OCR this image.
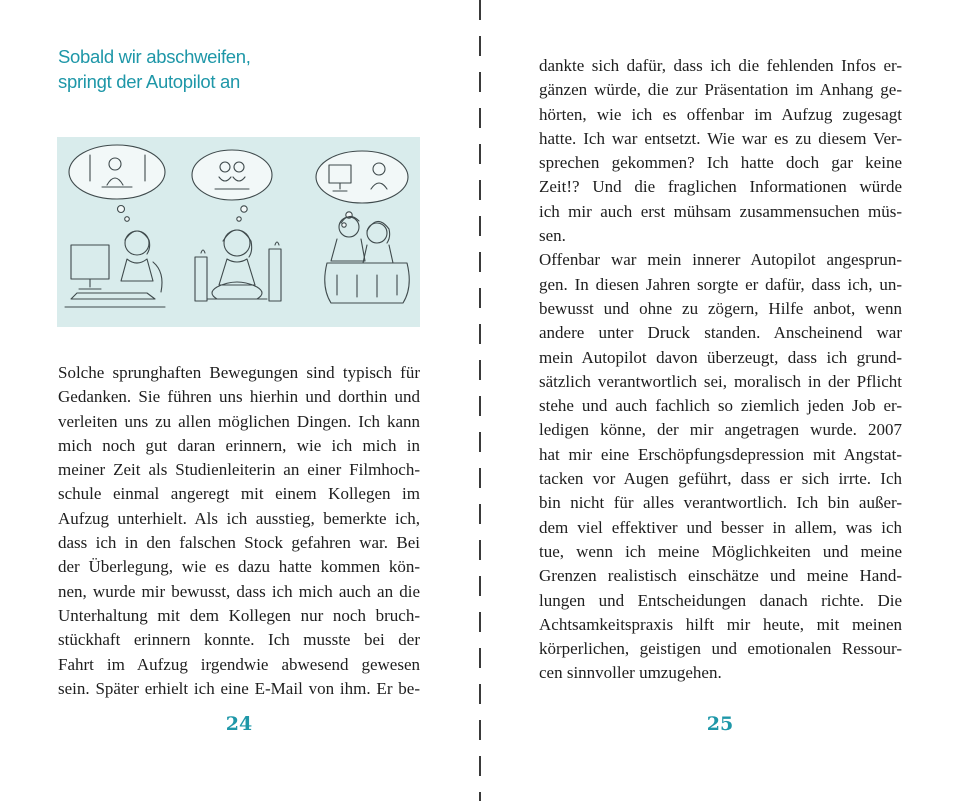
Sobald wir abschweifen,
springt der Autopilot an
Solche sprunghaften Bewegungen sind typisch für
Gedanken. Sie führen uns hierhin und dorthin und
verleiten uns zu allen möglichen Dingen. Ich kann
mich noch gut daran erinnern, wie ich mich in
meiner Zeit als Studienleiterin an einer Filmhoch-
schule einmal angeregt mit einem Kollegen im
Aufzug unterhielt. Als ich ausstieg, bemerkte ich,
dass ich in den falschen Stock gefahren war. Bei
der Überlegung, wie es dazu hatte kommen kön-
nen, wurde mir bewusst, dass ich mich auch an die
Unterhaltung mit dem Kollegen nur noch bruch-
stückhaft erinnern konnte. Ich musste bei der
Fahrt im Aufzug irgendwie abwesend gewesen
sein. Später erhielt ich eine E-Mail von ihm. Er be-
24
dankte sich dafür, dass ich die fehlenden Infos er-
gänzen würde, die zur Präsentation im Anhang ge-
hörten, wie ich es offenbar im Aufzug zugesagt
hatte. Ich war entsetzt. Wie war es zu diesem Ver-
sprechen gekommen? Ich hatte doch gar keine
Zeit!? Und die fraglichen Informationen würde
ich mir auch erst mühsam zusammensuchen müs-
sen.
Offenbar war mein innerer Autopilot angesprun-
gen. In diesen Jahren sorgte er dafür, dass ich, un-
bewusst und ohne zu zögern, Hilfe anbot, wenn
andere unter Druck standen. Anscheinend war
mein Autopilot davon überzeugt, dass ich grund-
sätzlich verantwortlich sei, moralisch in der Pflicht
stehe und auch fachlich so ziemlich jeden Job er-
ledigen könne, der mir angetragen wurde. 2007
hat mir eine Erschöpfungsdepression mit Angstat-
tacken vor Augen geführt, dass er sich irrte. Ich
bin nicht für alles verantwortlich. Ich bin außer-
dem viel effektiver und besser in allem, was ich
tue, wenn ich meine Möglichkeiten und meine
Grenzen realistisch einschätze und meine Hand-
lungen und Entscheidungen danach richte. Die
Achtsamkeitspraxis hilft mir heute, mit meinen
körperlichen, geistigen und emotionalen Ressour-
cen sinnvoller umzugehen.
25
